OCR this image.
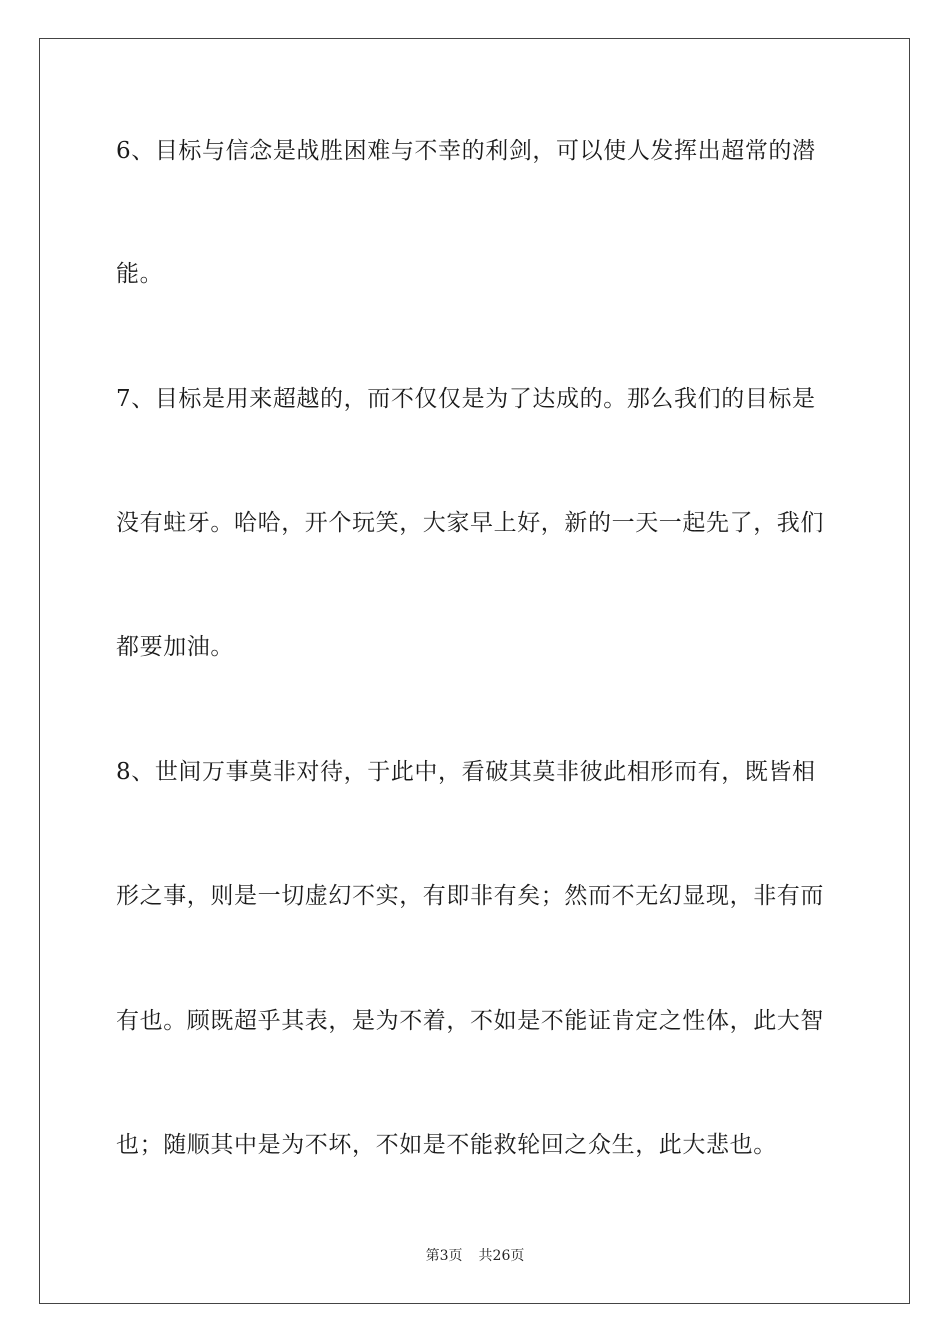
6、目标与信念是战胜困难与不幸的利剑，可以使人发挥出超常的潜
能。
7、目标是用来超越的，而不仅仅是为了达成的。那么我们的目标是
没有蛀牙。哈哈，开个玩笑，大家早上好，新的一天一起先了，我们
都要加油。
8、世间万事莫非对待，于此中，看破其莫非彼此相形而有，既皆相
形之事，则是一切虚幻不实，有即非有矣；然而不无幻显现，非有而
有也。顾既超乎其表，是为不着，不如是不能证肯定之性体，此大智
也；随顺其中是为不坏，不如是不能救轮回之众生，此大悲也。
第3页 共26页
